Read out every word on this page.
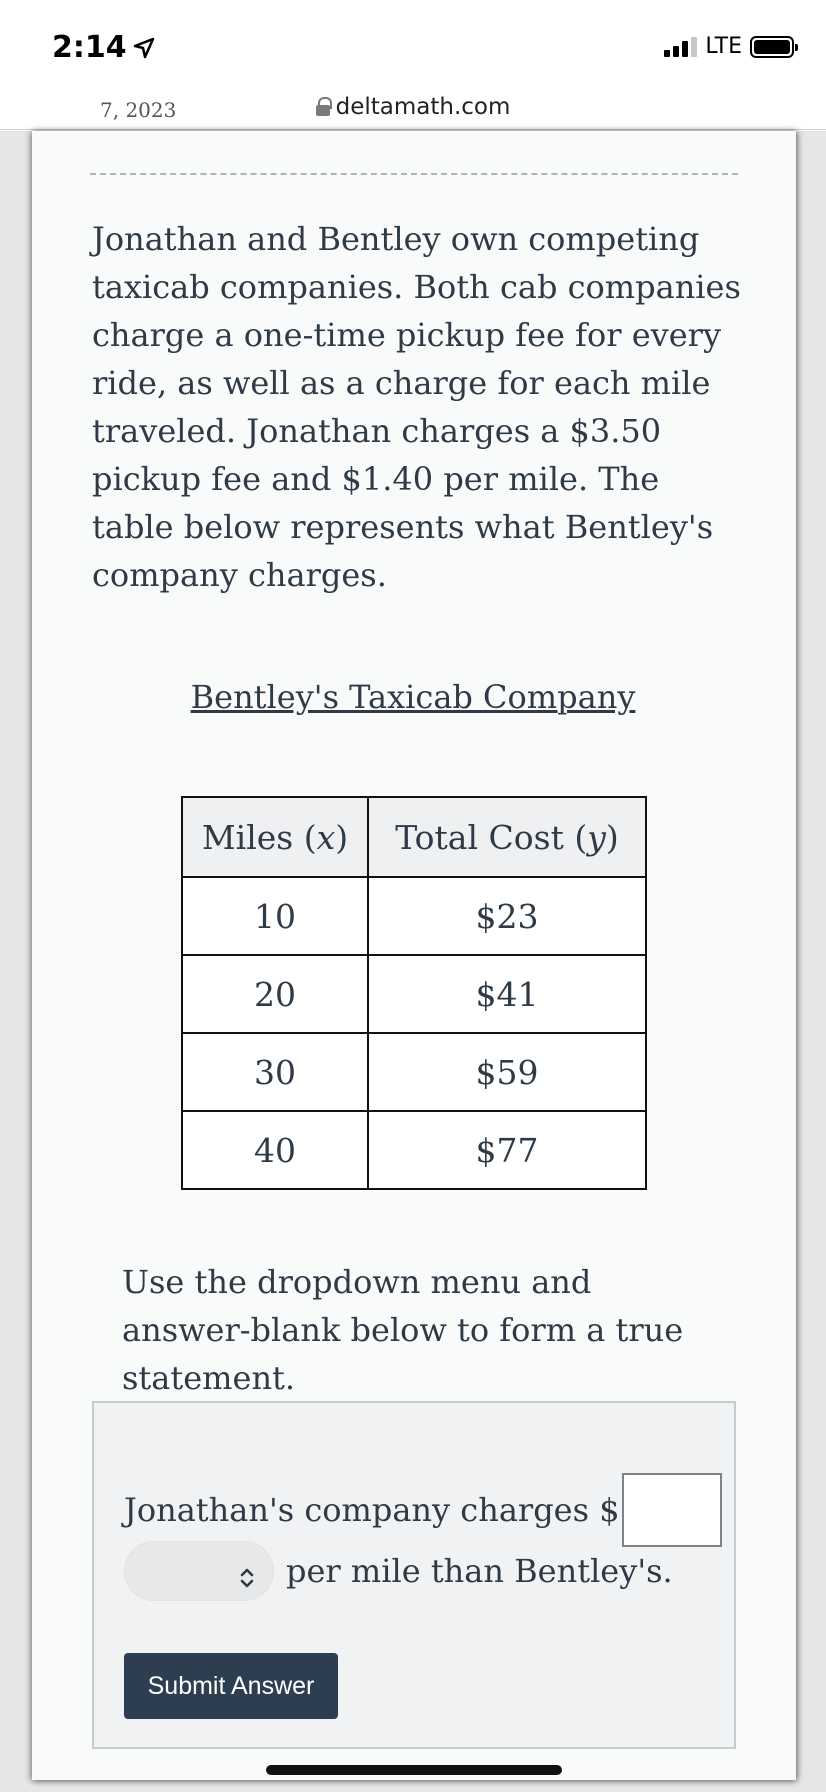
2:14	LTE
deltamath.com
7, 2023

Jonathan and Bentley own competing taxicab companies. Both cab companies charge a one-time pickup fee for every ride, as well as a charge for each mile traveled. Jonathan charges a $3.50 pickup fee and $1.40 per mile. The table below represents what Bentley's company charges.

Bentley's Taxicab Company
Miles (x)	Total Cost (y)
10	$23
20	$41
30	$59
40	$77

Use the dropdown menu and answer-blank below to form a true statement.

Jonathan's company charges $
per mile than Bentley's.
Submit Answer
